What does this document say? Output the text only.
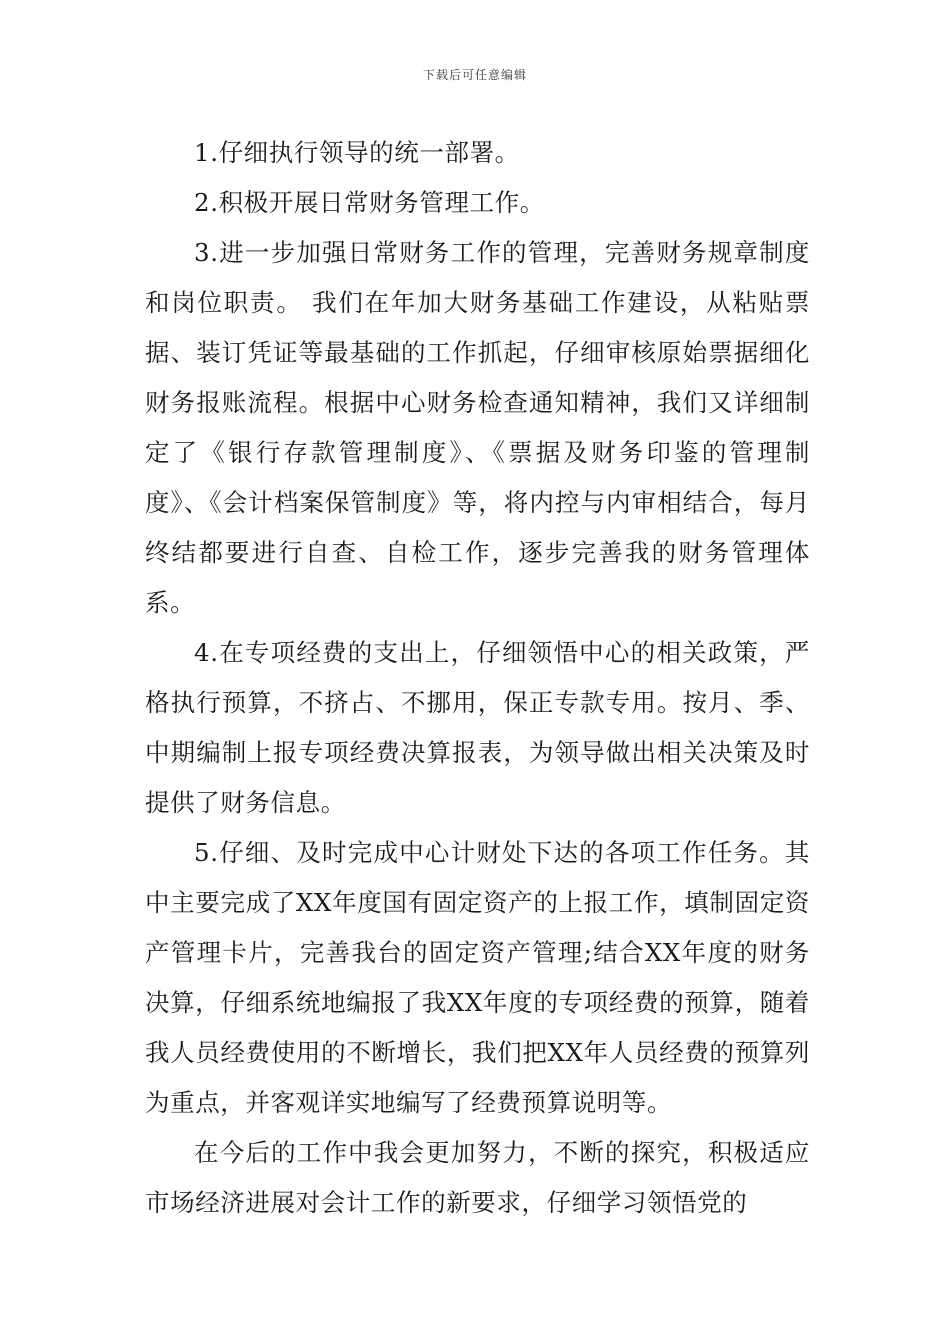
下载后可任意编辑

1.仔细执行领导的统一部署。

2.积极开展日常财务管理工作。

3.进一步加强日常财务工作的管理，完善财务规章制度和岗位职责。 我们在年加大财务基础工作建设，从粘贴票据、装订凭证等最基础的工作抓起，仔细审核原始票据细化财务报账流程。根据中心财务检查通知精神，我们又详细制定了《银行存款管理制度》、《票据及财务印鉴的管理制度》、《会计档案保管制度》等，将内控与内审相结合，每月终结都要进行自查、自检工作，逐步完善我的财务管理体系。

4.在专项经费的支出上，仔细领悟中心的相关政策，严格执行预算，不挤占、不挪用，保正专款专用。按月、季、中期编制上报专项经费决算报表，为领导做出相关决策及时提供了财务信息。

5.仔细、及时完成中心计财处下达的各项工作任务。其中主要完成了XX年度国有固定资产的上报工作，填制固定资产管理卡片，完善我台的固定资产管理;结合XX年度的财务决算，仔细系统地编报了我XX年度的专项经费的预算，随着我人员经费使用的不断增长，我们把XX年人员经费的预算列为重点，并客观详实地编写了经费预算说明等。

在今后的工作中我会更加努力，不断的探究，积极适应市场经济进展对会计工作的新要求，仔细学习领悟党的
